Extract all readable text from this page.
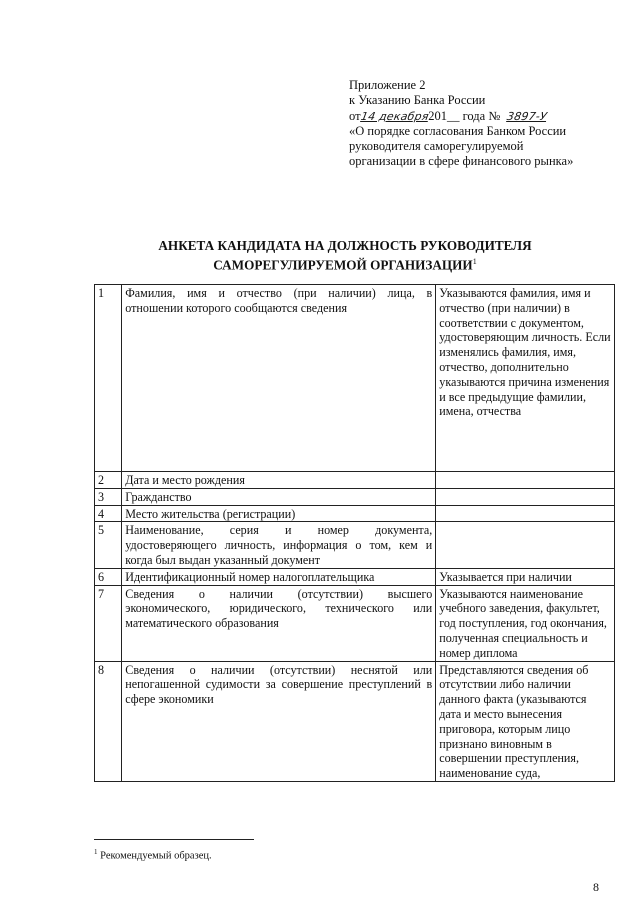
Приложение 2
к Указанию Банка России
от14 декабря201__ года № 3897-У
«О порядке согласования Банком России
руководителя саморегулируемой
организации в сфере финансового рынка»
АНКЕТА КАНДИДАТА НА ДОЛЖНОСТЬ РУКОВОДИТЕЛЯ
САМОРЕГУЛИРУЕМОЙ ОРГАНИЗАЦИИ$^1$
1	Фамилия, имя и отчество (при наличии) лица, в отношении которого сообщаются сведения	Указываются фамилия, имя и отчество (при наличии) в соответствии с документом, удостоверяющим личность. Если изменялись фамилия, имя, отчество, дополнительно указываются причина изменения и все предыдущие фамилии, имена, отчества
2	Дата и место рождения	
3	Гражданство	
4	Место жительства (регистрации)	
5	Наименование, серия и номер документа, удостоверяющего личность, информация о том, кем и когда был выдан указанный документ	
6	Идентификационный номер налогоплательщика	Указывается при наличии
7	Сведения о наличии (отсутствии) высшего экономического, юридического, технического или математического образования	Указываются наименование учебного заведения, факультет, год поступления, год окончания, полученная специальность и номер диплома
8	Сведения о наличии (отсутствии) неснятой или непогашенной судимости за совершение преступлений в сфере экономики	Представляются сведения об отсутствии либо наличии данного факта (указываются дата и место вынесения приговора, которым лицо признано виновным в совершении преступления, наименование суда,
$^1$ Рекомендуемый образец.
8
